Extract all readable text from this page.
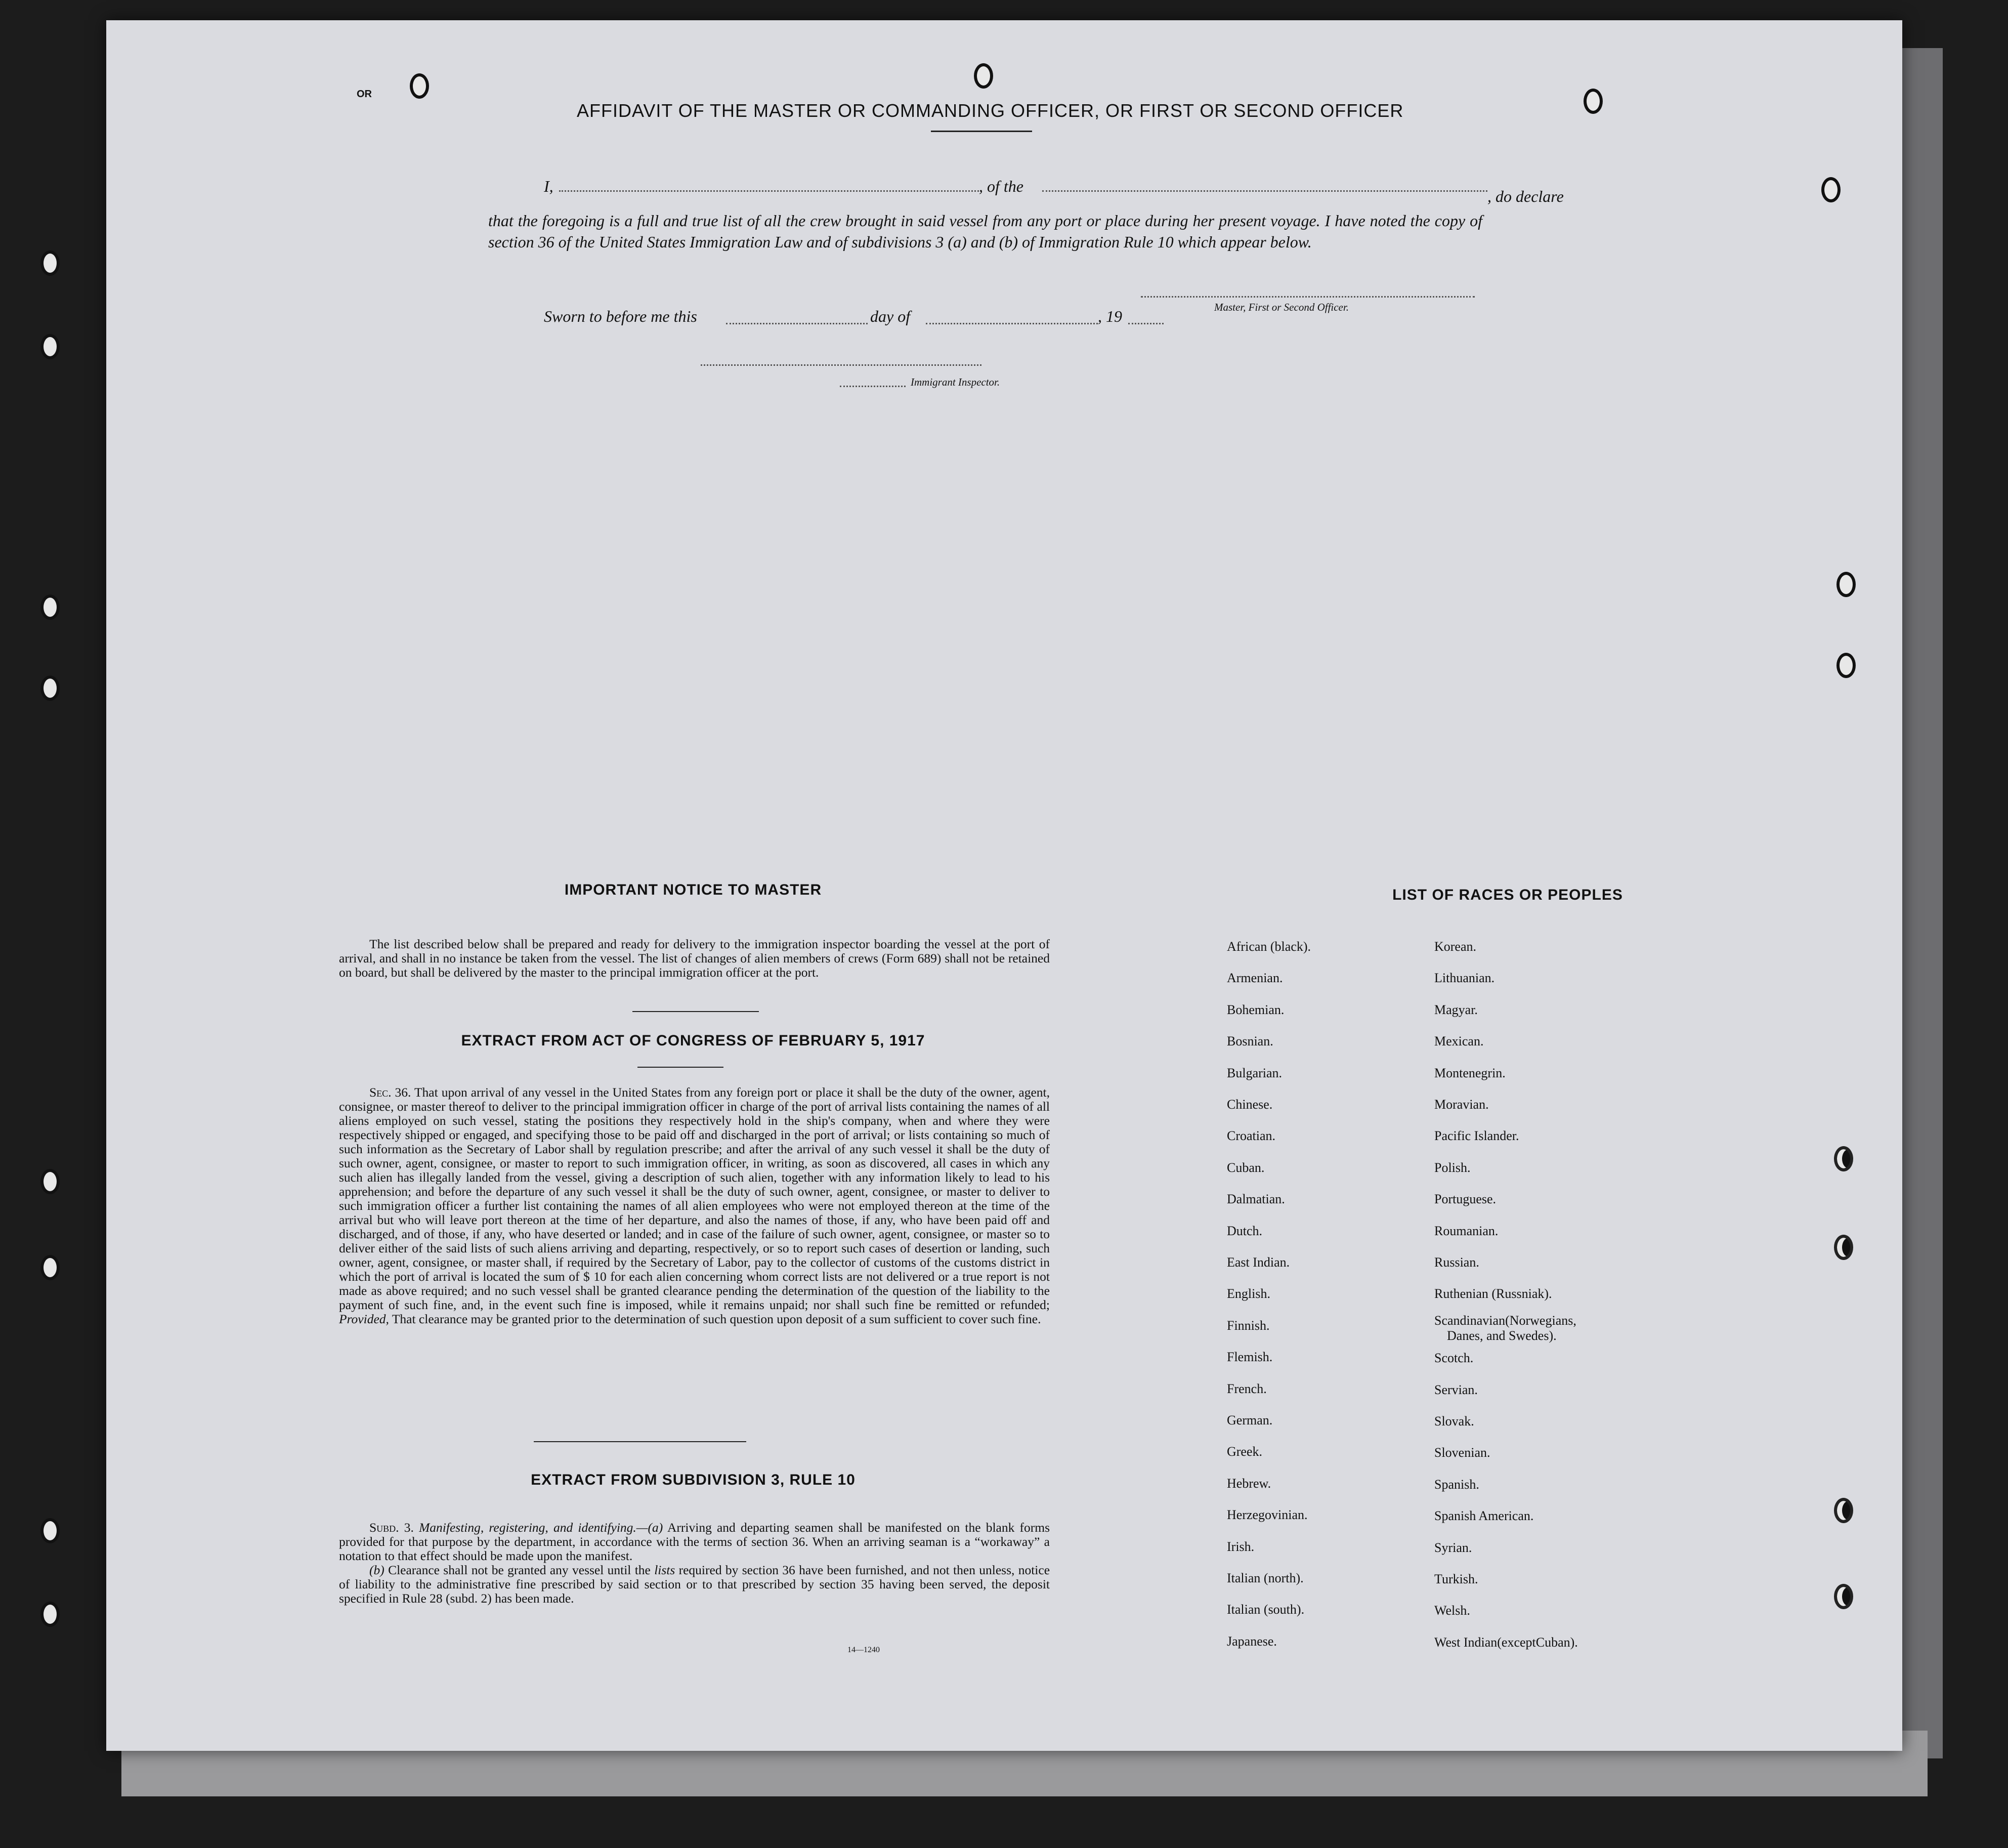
OR
AFFIDAVIT OF THE MASTER OR COMMANDING OFFICER, OR FIRST OR SECOND OFFICER
I,	, of the
, do declare
that the foregoing is a full and true list of all the crew brought in said vessel from any port or place during her present voyage. I have noted the copy of section 36 of the United States Immigration Law and of subdivisions 3 (a) and (b) of Immigration Rule 10 which appear below.
Master, First or Second Officer.
Sworn to before me this	day of	, 19
Immigrant Inspector.
IMPORTANT NOTICE TO MASTER
The list described below shall be prepared and ready for delivery to the immigration inspector boarding the vessel at the port of arrival, and shall in no instance be taken from the vessel. The list of changes of alien members of crews (Form 689) shall not be retained on board, but shall be delivered by the master to the principal immigration officer at the port.
EXTRACT FROM ACT OF CONGRESS OF FEBRUARY 5, 1917
Sec. 36. That upon arrival of any vessel in the United States from any foreign port or place it shall be the duty of the owner, agent, consignee, or master thereof to deliver to the principal immigration officer in charge of the port of arrival lists containing the names of all aliens employed on such vessel, stating the positions they respectively hold in the ship's company, when and where they were respectively shipped or engaged, and specifying those to be paid off and discharged in the port of arrival; or lists containing so much of such information as the Secretary of Labor shall by regulation prescribe; and after the arrival of any such vessel it shall be the duty of such owner, agent, consignee, or master to report to such immigration officer, in writing, as soon as discovered, all cases in which any such alien has illegally landed from the vessel, giving a description of such alien, together with any information likely to lead to his apprehension; and before the departure of any such vessel it shall be the duty of such owner, agent, consignee, or master to deliver to such immigration officer a further list containing the names of all alien employees who were not employed thereon at the time of the arrival but who will leave port thereon at the time of her departure, and also the names of those, if any, who have been paid off and discharged, and of those, if any, who have deserted or landed; and in case of the failure of such owner, agent, consignee, or master so to deliver either of the said lists of such aliens arriving and departing, respectively, or so to report such cases of desertion or landing, such owner, agent, consignee, or master shall, if required by the Secretary of Labor, pay to the collector of customs of the customs district in which the port of arrival is located the sum of $ 10 for each alien concerning whom correct lists are not delivered or a true report is not made as above required; and no such vessel shall be granted clearance pending the determination of the question of the liability to the payment of such fine, and, in the event such fine is imposed, while it remains unpaid; nor shall such fine be remitted or refunded; Provided, That clearance may be granted prior to the determination of such question upon deposit of a sum sufficient to cover such fine.
EXTRACT FROM SUBDIVISION 3, RULE 10
Subd. 3. Manifesting, registering, and identifying.—(a) Arriving and departing seamen shall be manifested on the blank forms provided for that purpose by the department, in accordance with the terms of section 36. When an arriving seaman is a “workaway” a notation to that effect should be made upon the manifest.
(b) Clearance shall not be granted any vessel until the lists required by section 36 have been furnished, and not then unless, notice of liability to the administrative fine prescribed by said section or to that prescribed by section 35 having been served, the deposit specified in Rule 28 (subd. 2) has been made.
14—1240
LIST OF RACES OR PEOPLES
African (black).
Armenian.
Bohemian.
Bosnian.
Bulgarian.
Chinese.
Croatian.
Cuban.
Dalmatian.
Dutch.
East Indian.
English.
Finnish.
Flemish.
French.
German.
Greek.
Hebrew.
Herzegovinian.
Irish.
Italian (north).
Italian (south).
Japanese.
Korean.
Lithuanian.
Magyar.
Mexican.
Montenegrin.
Moravian.
Pacific Islander.
Polish.
Portuguese.
Roumanian.
Russian.
Ruthenian (Russniak).
Scandinavian(Norwegians,
Scotch.
Servian.
Slovak.
Slovenian.
Spanish.
Spanish American.
Syrian.
Turkish.
Welsh.
West Indian(exceptCuban).
Danes, and Swedes).
